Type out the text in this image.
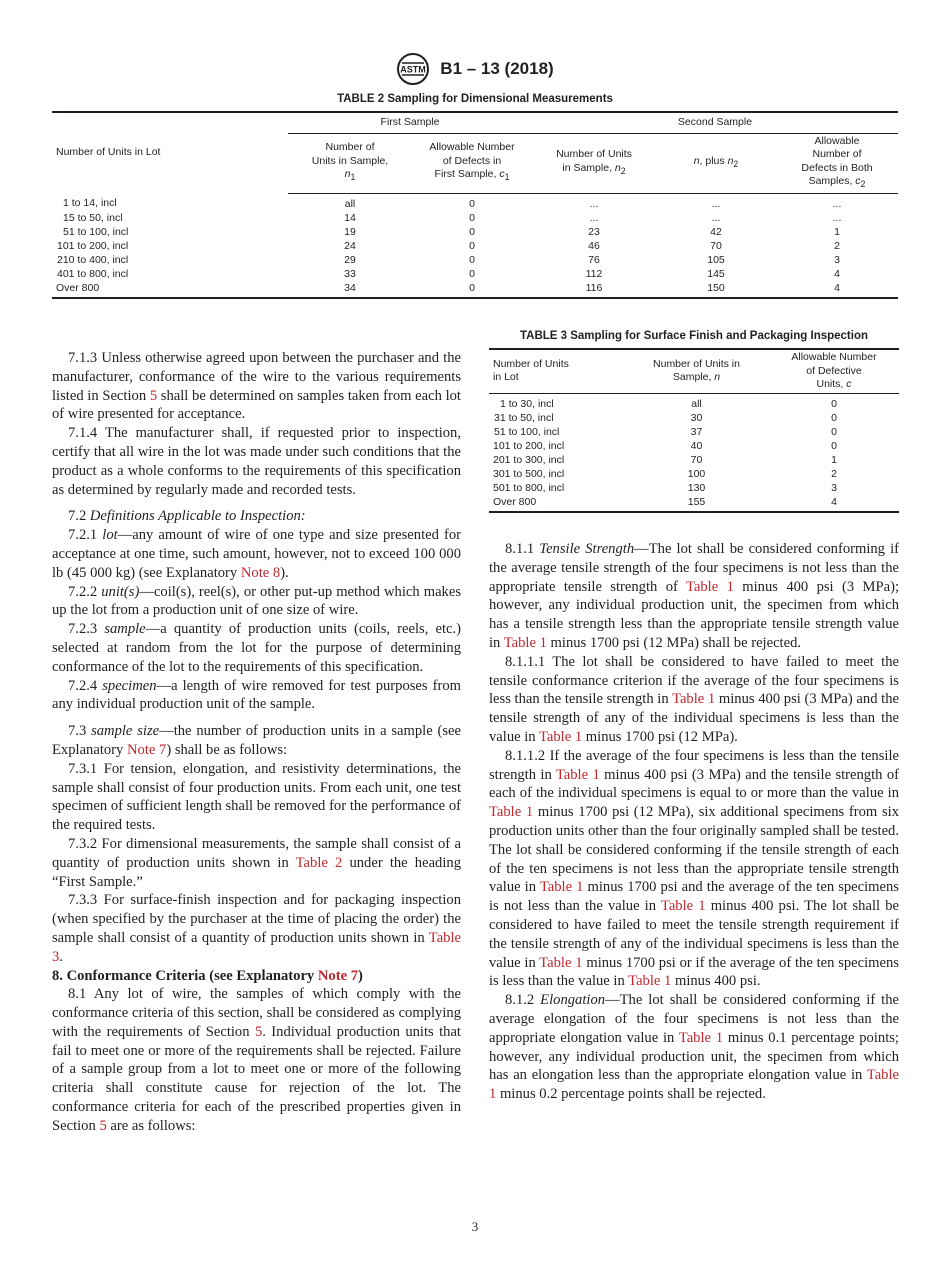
ASTM B1 – 13 (2018)
TABLE 2 Sampling for Dimensional Measurements
Number of Units in Lot	First Sample		Second Sample		
	Number of
Units in Sample,
$n_1$	Allowable Number
of Defects in
First Sample, $c_1$	Number of Units
in Sample, $n_2$	n, plus $n_2$	Allowable
Number of
Defects in Both
Samples, $c_2$
1 to 14, incl	all	0	...	...	...
15 to 50, incl	14	0	...	...	...
51 to 100, incl	19	0	23	42	1
101 to 200, incl	24	0	46	70	2
210 to 400, incl	29	0	76	105	3
401 to 800, incl	33	0	112	145	4
Over 800	34	0	116	150	4
TABLE 3 Sampling for Surface Finish and Packaging Inspection
Number of Units
in Lot	Number of Units in
Sample, n	Allowable Number
of Defective
Units, c
1 to 30, incl	all	0
31 to 50, incl	30	0
51 to 100, incl	37	0
101 to 200, incl	40	0
201 to 300, incl	70	1
301 to 500, incl	100	2
501 to 800, incl	130	3
Over 800	155	4

7.1.3 Unless otherwise agreed upon between the purchaser and the manufacturer, conformance of the wire to the various requirements listed in Section 5 shall be determined on samples taken from each lot of wire presented for acceptance.

7.1.4 The manufacturer shall, if requested prior to inspection, certify that all wire in the lot was made under such conditions that the product as a whole conforms to the requirements of this specification as determined by regularly made and recorded tests.

7.2 Definitions Applicable to Inspection:

7.2.1 lot—any amount of wire of one type and size presented for acceptance at one time, such amount, however, not to exceed 100 000 lb (45 000 kg) (see Explanatory Note 8).

7.2.2 unit(s)—coil(s), reel(s), or other put-up method which makes up the lot from a production unit of one size of wire.

7.2.3 sample—a quantity of production units (coils, reels, etc.) selected at random from the lot for the purpose of determining conformance of the lot to the requirements of this specification.

7.2.4 specimen—a length of wire removed for test purposes from any individual production unit of the sample.

7.3 sample size—the number of production units in a sample (see Explanatory Note 7) shall be as follows:

7.3.1 For tension, elongation, and resistivity determinations, the sample shall consist of four production units. From each unit, one test specimen of sufficient length shall be removed for the performance of the required tests.

7.3.2 For dimensional measurements, the sample shall consist of a quantity of production units shown in Table 2 under the heading “First Sample.”

7.3.3 For surface-finish inspection and for packaging inspection (when specified by the purchaser at the time of placing the order) the sample shall consist of a quantity of production units shown in Table 3.

8. Conformance Criteria (see Explanatory Note 7)

8.1 Any lot of wire, the samples of which comply with the conformance criteria of this section, shall be considered as complying with the requirements of Section 5. Individual production units that fail to meet one or more of the requirements shall be rejected. Failure of a sample group from a lot to meet one or more of the following criteria shall constitute cause for rejection of the lot. The conformance criteria for each of the prescribed properties given in Section 5 are as follows:

8.1.1 Tensile Strength—The lot shall be considered conforming if the average tensile strength of the four specimens is not less than the appropriate tensile strength of Table 1 minus 400 psi (3 MPa); however, any individual production unit, the specimen from which has a tensile strength less than the appropriate tensile strength value in Table 1 minus 1700 psi (12 MPa) shall be rejected.

8.1.1.1 The lot shall be considered to have failed to meet the tensile conformance criterion if the average of the four specimens is less than the tensile strength in Table 1 minus 400 psi (3 MPa) and the tensile strength of any of the individual specimens is less than the value in Table 1 minus 1700 psi (12 MPa).

8.1.1.2 If the average of the four specimens is less than the tensile strength in Table 1 minus 400 psi (3 MPa) and the tensile strength of each of the individual specimens is equal to or more than the value in Table 1 minus 1700 psi (12 MPa), six additional specimens from six production units other than the four originally sampled shall be tested. The lot shall be considered conforming if the tensile strength of each of the ten specimens is not less than the appropriate tensile strength value in Table 1 minus 1700 psi and the average of the ten specimens is not less than the value in Table 1 minus 400 psi. The lot shall be considered to have failed to meet the tensile strength requirement if the tensile strength of any of the individual specimens is less than the value in Table 1 minus 1700 psi or if the average of the ten specimens is less than the value in Table 1 minus 400 psi.

8.1.2 Elongation—The lot shall be considered conforming if the average elongation of the four specimens is not less than the appropriate elongation value in Table 1 minus 0.1 percentage points; however, any individual production unit, the specimen from which has an elongation less than the appropriate elongation value in Table 1 minus 0.2 percentage points shall be rejected.

3
